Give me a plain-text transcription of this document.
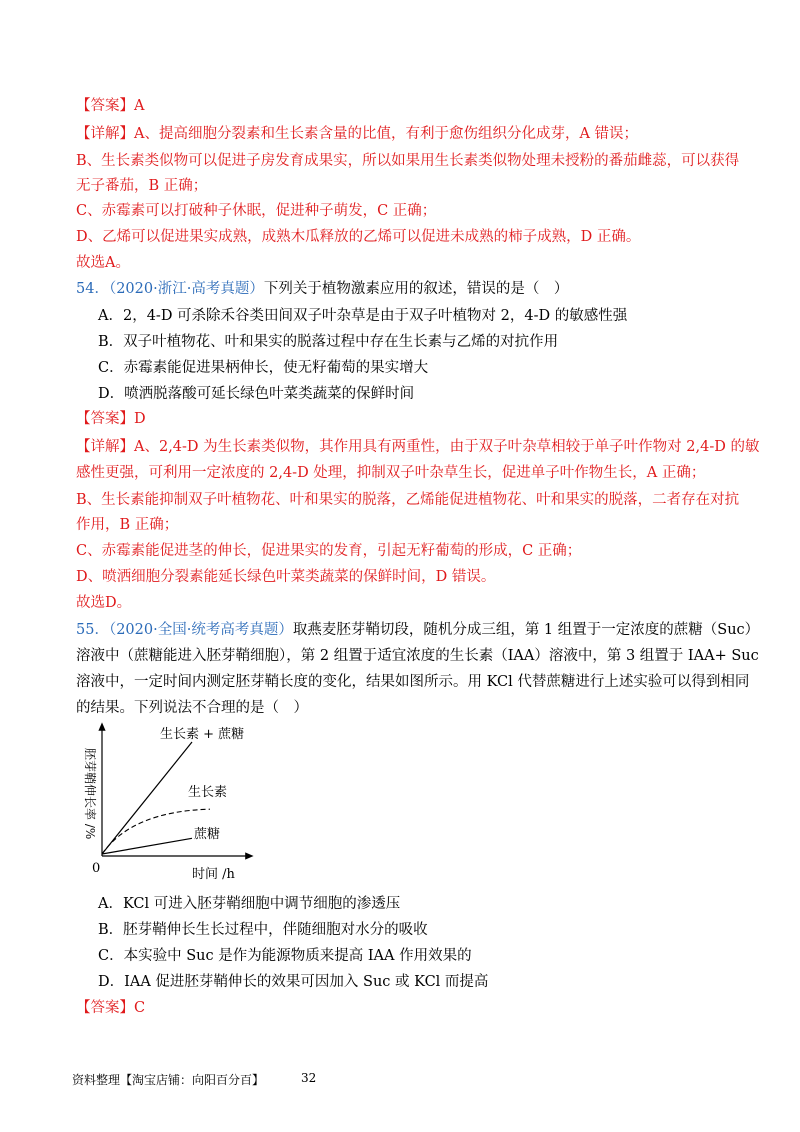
【答案】A
【详解】A、提高细胞分裂素和生长素含量的比值，有利于愈伤组织分化成芽，A 错误；
B、生长素类似物可以促进子房发育成果实，所以如果用生长素类似物处理未授粉的番茄雌蕊，可以获得
无子番茄，B 正确；
C、赤霉素可以打破种子休眠，促进种子萌发，C 正确；
D、乙烯可以促进果实成熟，成熟木瓜释放的乙烯可以促进未成熟的柿子成熟，D 正确。
故选A。
54．（2020·浙江·高考真题）下列关于植物激素应用的叙述，错误的是（　）
A．2，4-D 可杀除禾谷类田间双子叶杂草是由于双子叶植物对 2，4-D 的敏感性强
B．双子叶植物花、叶和果实的脱落过程中存在生长素与乙烯的对抗作用
C．赤霉素能促进果柄伸长，使无籽葡萄的果实增大
D．喷洒脱落酸可延长绿色叶菜类蔬菜的保鲜时间
【答案】D
【详解】A、2,4-D 为生长素类似物，其作用具有两重性，由于双子叶杂草相较于单子叶作物对 2,4-D 的敏
感性更强，可利用一定浓度的 2,4-D 处理，抑制双子叶杂草生长，促进单子叶作物生长，A 正确；
B、生长素能抑制双子叶植物花、叶和果实的脱落，乙烯能促进植物花、叶和果实的脱落，二者存在对抗
作用，B 正确；
C、赤霉素能促进茎的伸长，促进果实的发育，引起无籽葡萄的形成，C 正确；
D、喷洒细胞分裂素能延长绿色叶菜类蔬菜的保鲜时间，D 错误。
故选D。
55．（2020·全国·统考高考真题）取燕麦胚芽鞘切段，随机分成三组，第 1 组置于一定浓度的蔗糖（Suc）
溶液中（蔗糖能进入胚芽鞘细胞），第 2 组置于适宜浓度的生长素（IAA）溶液中，第 3 组置于 IAA+ Suc
溶液中，一定时间内测定胚芽鞘长度的变化，结果如图所示。用 KCl 代替蔗糖进行上述实验可以得到相同
的结果。下列说法不合理的是（　）
0	时间 /h
胚芽鞘伸长率 /%
生长素 + 蔗糖
生长素
蔗糖
A．KCl 可进入胚芽鞘细胞中调节细胞的渗透压
B．胚芽鞘伸长生长过程中，伴随细胞对水分的吸收
C．本实验中 Suc 是作为能源物质来提高 IAA 作用效果的
D．IAA 促进胚芽鞘伸长的效果可因加入 Suc 或 KCl 而提高
【答案】C
资料整理【淘宝店铺：向阳百分百】	32
